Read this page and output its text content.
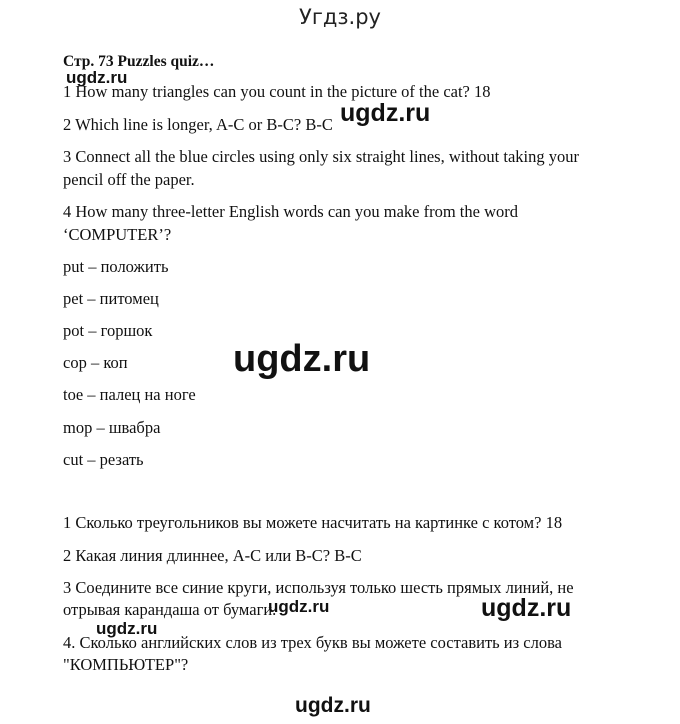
Угдз.ру
Стр. 73 Puzzles quiz…
1 How many triangles can you count in the picture of the cat? 18
2 Which line is longer, A-C or B-C? B-C
3 Connect all the blue circles using only six straight lines, without taking your
pencil off the paper.
4 How many three-letter English words can you make from the word
‘COMPUTER’?
put – положить
pet – питомец
pot – горшок
cop – коп
toe – палец на ноге
mop – швабра
cut – резать
1 Сколько треугольников вы можете насчитать на картинке с котом? 18
2 Какая линия длиннее, A-C или B-C? B-C
3 Соедините все синие круги, используя только шесть прямых линий, не
отрывая карандаша от бумаги.
4. Сколько английских слов из трех букв вы можете составить из слова
"КОМПЬЮТЕР"?
ugdz.ru
ugdz.ru
ugdz.ru
ugdz.ru	ugdz.ru
ugdz.ru
ugdz.ru
